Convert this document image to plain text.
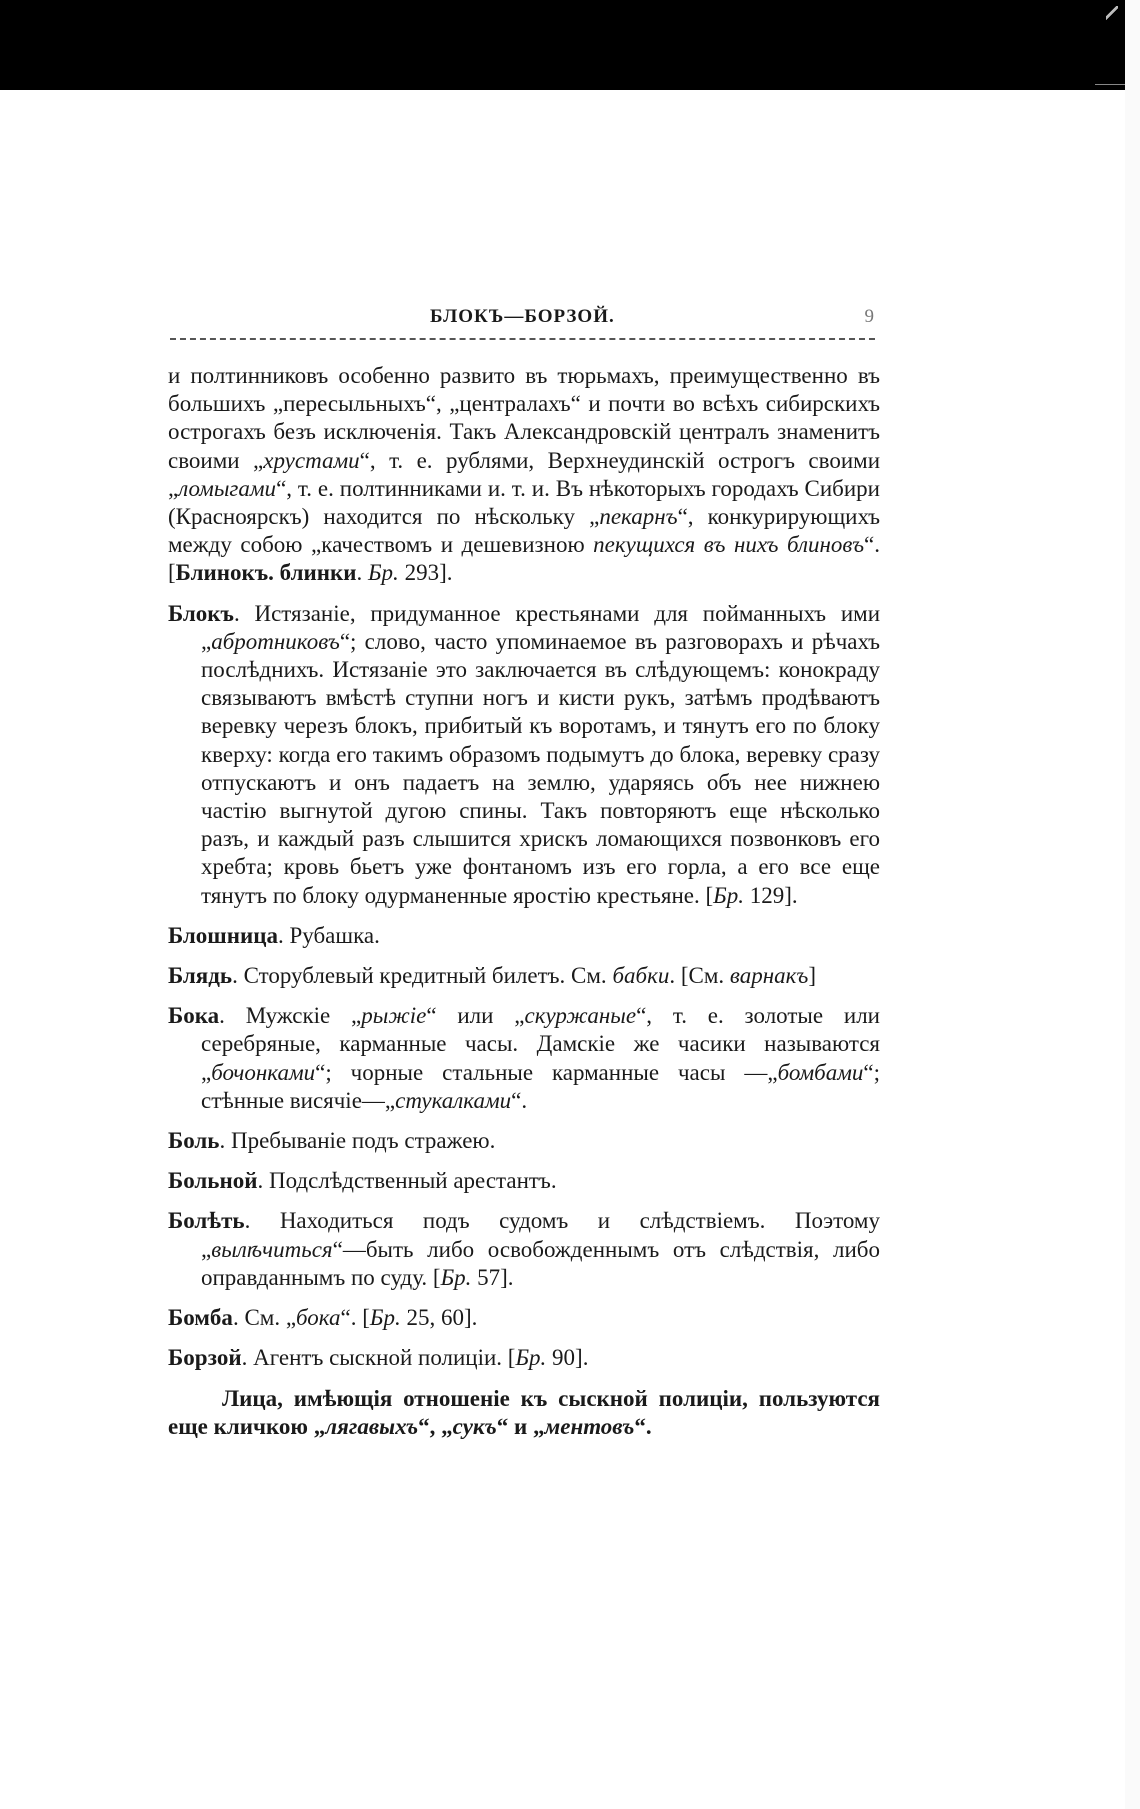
БЛОКЪ—БОРЗОЙ.	9

и полтинниковъ особенно развито въ тюрьмахъ, преимущественно въ большихъ „пересыльныхъ“, „централахъ“ и почти во всѣхъ сибирскихъ острогахъ безъ исключенія. Такъ Александровскій централъ знаменитъ своими „хрустами“, т. е. рублями, Верхнеудинскій острогъ своими „ломыгами“, т. е. полтинниками и. т. и. Въ нѣкоторыхъ городахъ Сибири (Красноярскъ) находится по нѣскольку „пекарнъ“, конкурирующихъ между собою „качествомъ и дешевизною пекущихся въ нихъ блиновъ“. [Блинокъ. блинки. Бр. 293].

Блокъ. Истязаніе, придуманное крестьянами для пойманныхъ ими „абротниковъ“; слово, часто упоминаемое въ разговорахъ и рѣчахъ послѣднихъ. Истязаніе это заключается въ слѣдующемъ: конокраду связываютъ вмѣстѣ ступни ногъ и кисти рукъ, затѣмъ продѣваютъ веревку черезъ блокъ, прибитый къ воротамъ, и тянутъ его по блоку кверху: когда его такимъ образомъ подымутъ до блока, веревку сразу отпускаютъ и онъ падаетъ на землю, ударяясь объ нее нижнею частію выгнутой дугою спины. Такъ повторяютъ еще нѣсколько разъ, и каждый разъ слышится хрискъ ломающихся позвонковъ его хребта; кровь бьетъ уже фонтаномъ изъ его горла, а его все еще тянутъ по блоку одурманенные яростію крестьяне. [Бр. 129].

Блошница. Рубашка.

Блядь. Сторублевый кредитный билетъ. См. бабки. [См. варнакъ]

Бока. Мужскіе „рыжіе“ или „скуржаные“, т. е. золотые или серебряные, карманные часы. Дамскіе же часики называются „бочонками“; чорные стальные карманные часы —„бомбами“; стѣнные висячіе—„стукалками“.

Боль. Пребываніе подъ стражею.

Больной. Подслѣдственный арестантъ.

Болѣть. Находиться подъ судомъ и слѣдствіемъ. Поэтому „вылѣчиться“—быть либо освобожденнымъ отъ слѣдствія, либо оправданнымъ по суду. [Бр. 57].

Бомба. См. „бока“. [Бр. 25, 60].

Борзой. Агентъ сыскной полиціи. [Бр. 90].

Лица, имѣющія отношеніе къ сыскной полиціи, пользуются еще кличкою „лягавыхъ“, „сукъ“ и „ментовъ“.
